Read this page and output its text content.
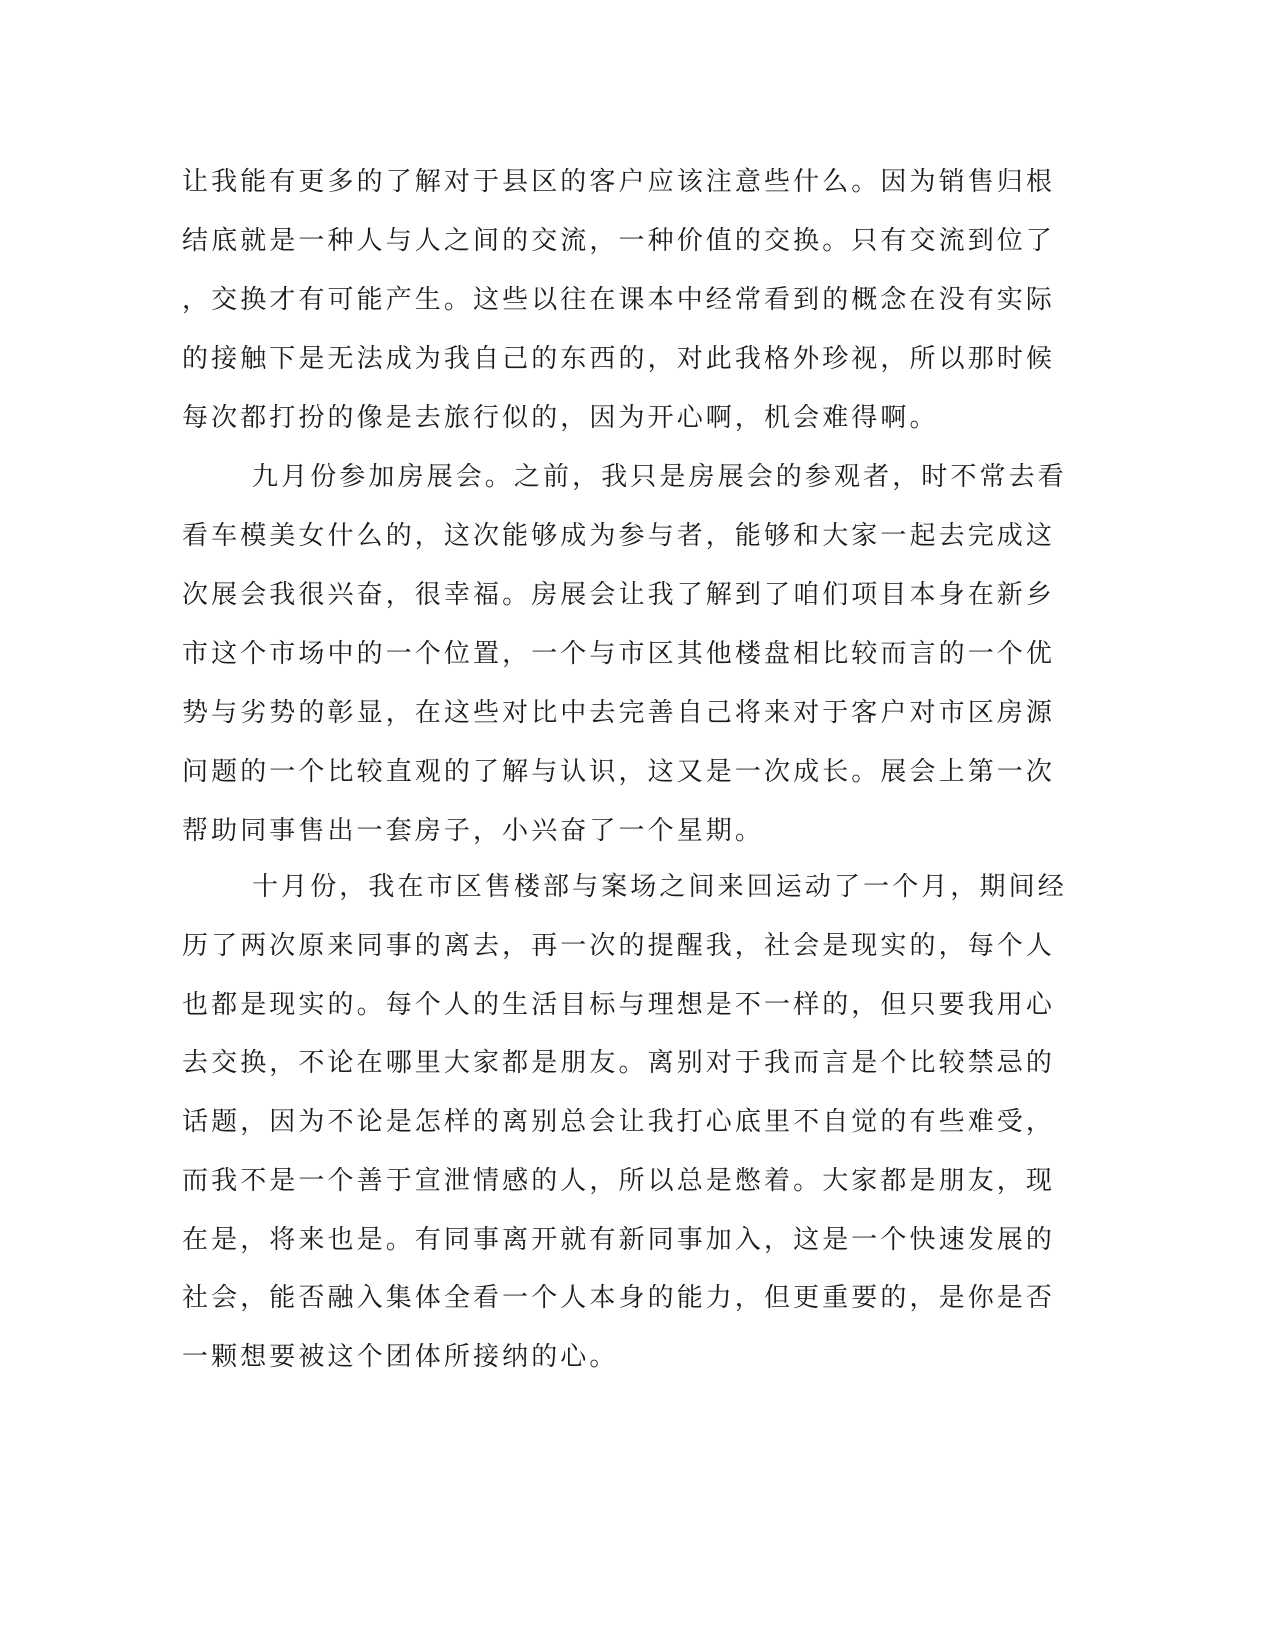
让我能有更多的了解对于县区的客户应该注意些什么。因为销售归根
结底就是一种人与人之间的交流，一种价值的交换。只有交流到位了
，交换才有可能产生。这些以往在课本中经常看到的概念在没有实际
的接触下是无法成为我自己的东西的，对此我格外珍视，所以那时候
每次都打扮的像是去旅行似的，因为开心啊，机会难得啊。
九月份参加房展会。之前，我只是房展会的参观者，时不常去看
看车模美女什么的，这次能够成为参与者，能够和大家一起去完成这
次展会我很兴奋，很幸福。房展会让我了解到了咱们项目本身在新乡
市这个市场中的一个位置，一个与市区其他楼盘相比较而言的一个优
势与劣势的彰显，在这些对比中去完善自己将来对于客户对市区房源
问题的一个比较直观的了解与认识，这又是一次成长。展会上第一次
帮助同事售出一套房子，小兴奋了一个星期。
十月份，我在市区售楼部与案场之间来回运动了一个月，期间经
历了两次原来同事的离去，再一次的提醒我，社会是现实的，每个人
也都是现实的。每个人的生活目标与理想是不一样的，但只要我用心
去交换，不论在哪里大家都是朋友。离别对于我而言是个比较禁忌的
话题，因为不论是怎样的离别总会让我打心底里不自觉的有些难受，
而我不是一个善于宣泄情感的人，所以总是憋着。大家都是朋友，现
在是，将来也是。有同事离开就有新同事加入，这是一个快速发展的
社会，能否融入集体全看一个人本身的能力，但更重要的，是你是否
一颗想要被这个团体所接纳的心。
